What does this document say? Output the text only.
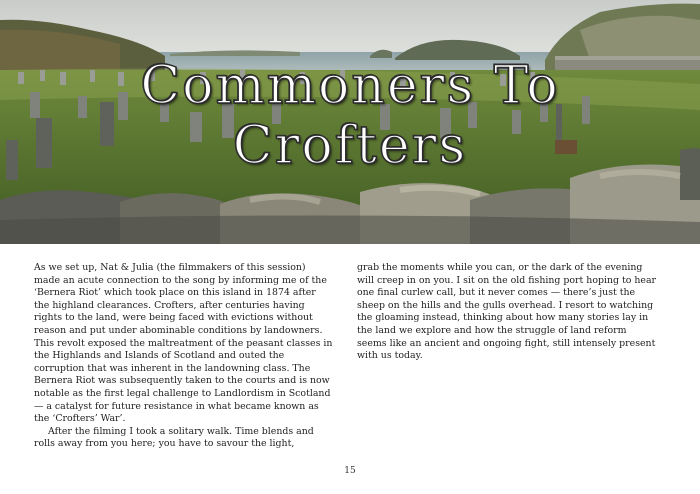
Commoners To
Crofters

As we set up, Nat & Julia (the filmmakers of this session) made an acute connection to the song by informing me of the ‘Bernera Riot’ which took place on this island in 1874 after the highland clearances. Crofters, after centuries having rights to the land, were being faced with evictions without reason and put under abominable conditions by landowners. This revolt exposed the maltreatment of the peasant classes in the Highlands and Islands of Scotland and outed the corruption that was inherent in the landowning class. The Bernera Riot was subsequently taken to the courts and is now notable as the first legal challenge to Landlordism in Scotland — a catalyst for future resistance in what became known as the ‘Crofters’ War’.

After the filming I took a solitary walk. Time blends and rolls away from you here; you have to savour the light,

grab the moments while you can, or the dark of the evening will creep in on you. I sit on the old fishing port hoping to hear one final curlew call, but it never comes — there’s just the sheep on the hills and the gulls overhead. I resort to watching the gloaming instead, thinking about how many stories lay in the land we explore and how the struggle of land reform seems like an ancient and ongoing fight, still intensely present with us today.

15
